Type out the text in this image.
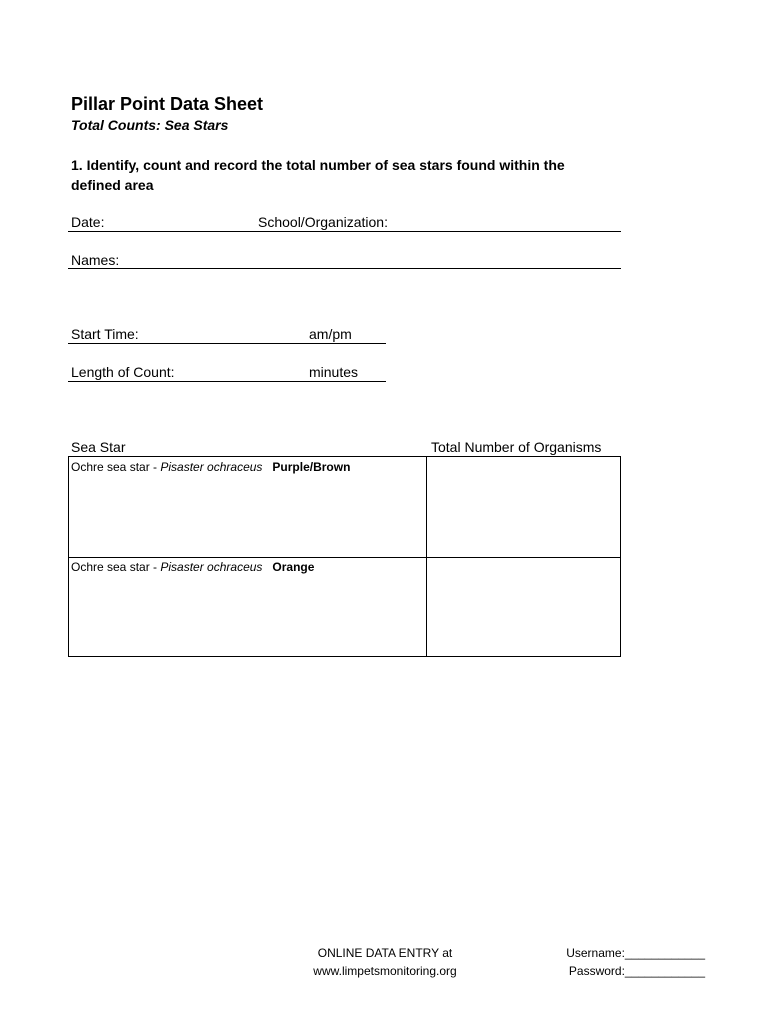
Pillar Point Data Sheet
Total Counts: Sea Stars
1. Identify, count and record the total number of sea stars found within the defined area
Date:	School/Organization:
Names:
Start Time:	am/pm
Length of Count:	minutes
Sea Star	Total Number of Organisms
Ochre sea star - Pisaster ochraceus Purple/Brown
Ochre sea star - Pisaster ochraceus Orange
ONLINE DATA ENTRY at
www.limpetsmonitoring.org
Username:____________
Password:____________
